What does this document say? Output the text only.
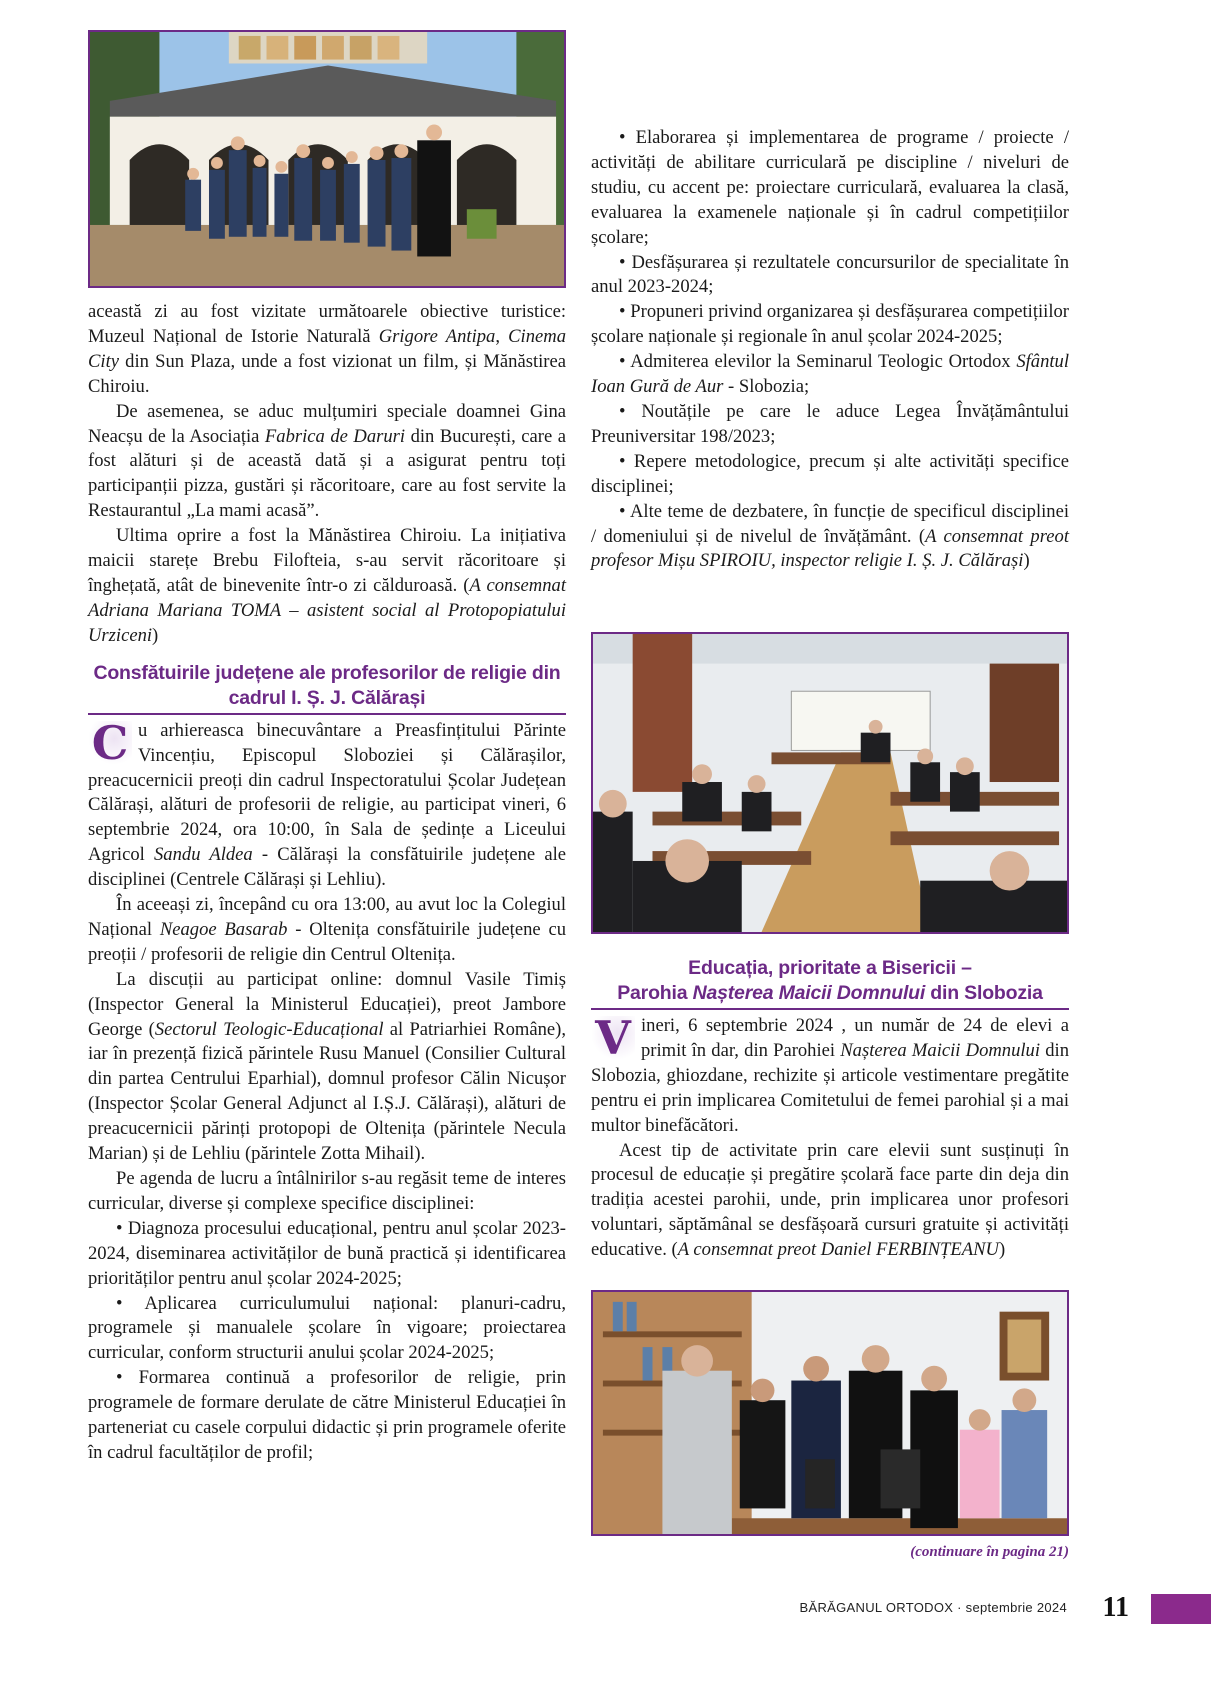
această zi au fost vizitate următoarele obiective turistice: Muzeul Național de Istorie Naturală Grigore Antipa, Cinema City din Sun Plaza, unde a fost vizionat un film, și Mănăstirea Chiroiu.

De asemenea, se aduc mulțumiri speciale doamnei Gina Neacșu de la Asociația Fabrica de Daruri din București, care a fost alături și de această dată și a asigurat pentru toți participanții pizza, gustări și răcoritoare, care au fost servite la Restaurantul „La mami acasă”.

Ultima oprire a fost la Mănăstirea Chiroiu. La inițiativa maicii starețe Brebu Filofteia, s-au servit răcoritoare și înghețată, atât de binevenite într-o zi călduroasă. (A consemnat Adriana Mariana TOMA – asistent social al Protopopiatului Urziceni)

Consfătuirile județene ale profesorilor de religie din cadrul I. Ș. J. Călărași

C u arhiereasca binecuvântare a Preasfințitului Părinte Vincențiu, Episcopul Sloboziei și Călărașilor, preacucernicii preoți din cadrul Inspectoratului Școlar Județean Călărași, alături de profesorii de religie, au participat vineri, 6 septembrie 2024, ora 10:00, în Sala de ședințe a Liceului Agricol Sandu Aldea - Călărași la consfătuirile județene ale disciplinei (Centrele Călărași și Lehliu).

În aceeași zi, începând cu ora 13:00, au avut loc la Colegiul Național Neagoe Basarab - Oltenița consfătuirile județene cu preoții / profesorii de religie din Centrul Oltenița.

La discuții au participat online: domnul Vasile Timiș (Inspector General la Ministerul Educației), preot Jambore George (Sectorul Teologic-Educațional al Patriarhiei Române), iar în prezență fizică părintele Rusu Manuel (Consilier Cultural din partea Centrului Eparhial), domnul profesor Călin Nicușor (Inspector Școlar General Adjunct al I.Ș.J. Călărași), alături de preacucernicii părinți protopopi de Oltenița (părintele Necula Marian) și de Lehliu (părintele Zotta Mihail).

Pe agenda de lucru a întâlnirilor s-au regăsit teme de interes curricular, diverse și complexe specifice disciplinei:

• Diagnoza procesului educațional, pentru anul școlar 2023-2024, diseminarea activităților de bună practică și identificarea priorităților pentru anul școlar 2024-2025;

• Aplicarea curriculumului național: planuri-cadru, programele și manualele școlare în vigoare; proiectarea curricular, conform structurii anului școlar 2024-2025;

• Formarea continuă a profesorilor de religie, prin programele de formare derulate de către Ministerul Educației în parteneriat cu casele corpului didactic și prin programele oferite în cadrul facultăților de profil;

• Elaborarea și implementarea de programe / proiecte / activități de abilitare curriculară pe discipline / niveluri de studiu, cu accent pe: proiectare curriculară, evaluarea la clasă, evaluarea la examenele naționale și în cadrul competițiilor școlare;

• Desfășurarea și rezultatele concursurilor de specialitate în anul 2023-2024;

• Propuneri privind organizarea și desfășurarea competițiilor școlare naționale și regionale în anul școlar 2024-2025;

• Admiterea elevilor la Seminarul Teologic Ortodox Sfântul Ioan Gură de Aur - Slobozia;

• Noutățile pe care le aduce Legea Învățământului Preuniversitar 198/2023;

• Repere metodologice, precum și alte activități specifice disciplinei;

• Alte teme de dezbatere, în funcție de specificul disciplinei / domeniului și de nivelul de învățământ. (A consemnat preot profesor Mișu SPIROIU, inspector religie I. Ș. J. Călărași)

Educația, prioritate a Bisericii –
Parohia Nașterea Maicii Domnului din Slobozia

V ineri, 6 septembrie 2024 , un număr de 24 de elevi a primit în dar, din Parohiei Nașterea Maicii Domnului din Slobozia, ghiozdane, rechizite și articole vestimentare pregătite pentru ei prin implicarea Comitetului de femei parohial și a mai multor binefăcători.

Acest tip de activitate prin care elevii sunt susținuți în procesul de educație și pregătire școlară face parte din deja din tradiția acestei parohii, unde, prin implicarea unor profesori voluntari, săptămânal se desfășoară cursuri gratuite și activități educative. (A consemnat preot Daniel FERBINȚEANU)

(continuare în pagina 21)
BĂRĂGANUL ORTODOX · septembrie 2024 11
